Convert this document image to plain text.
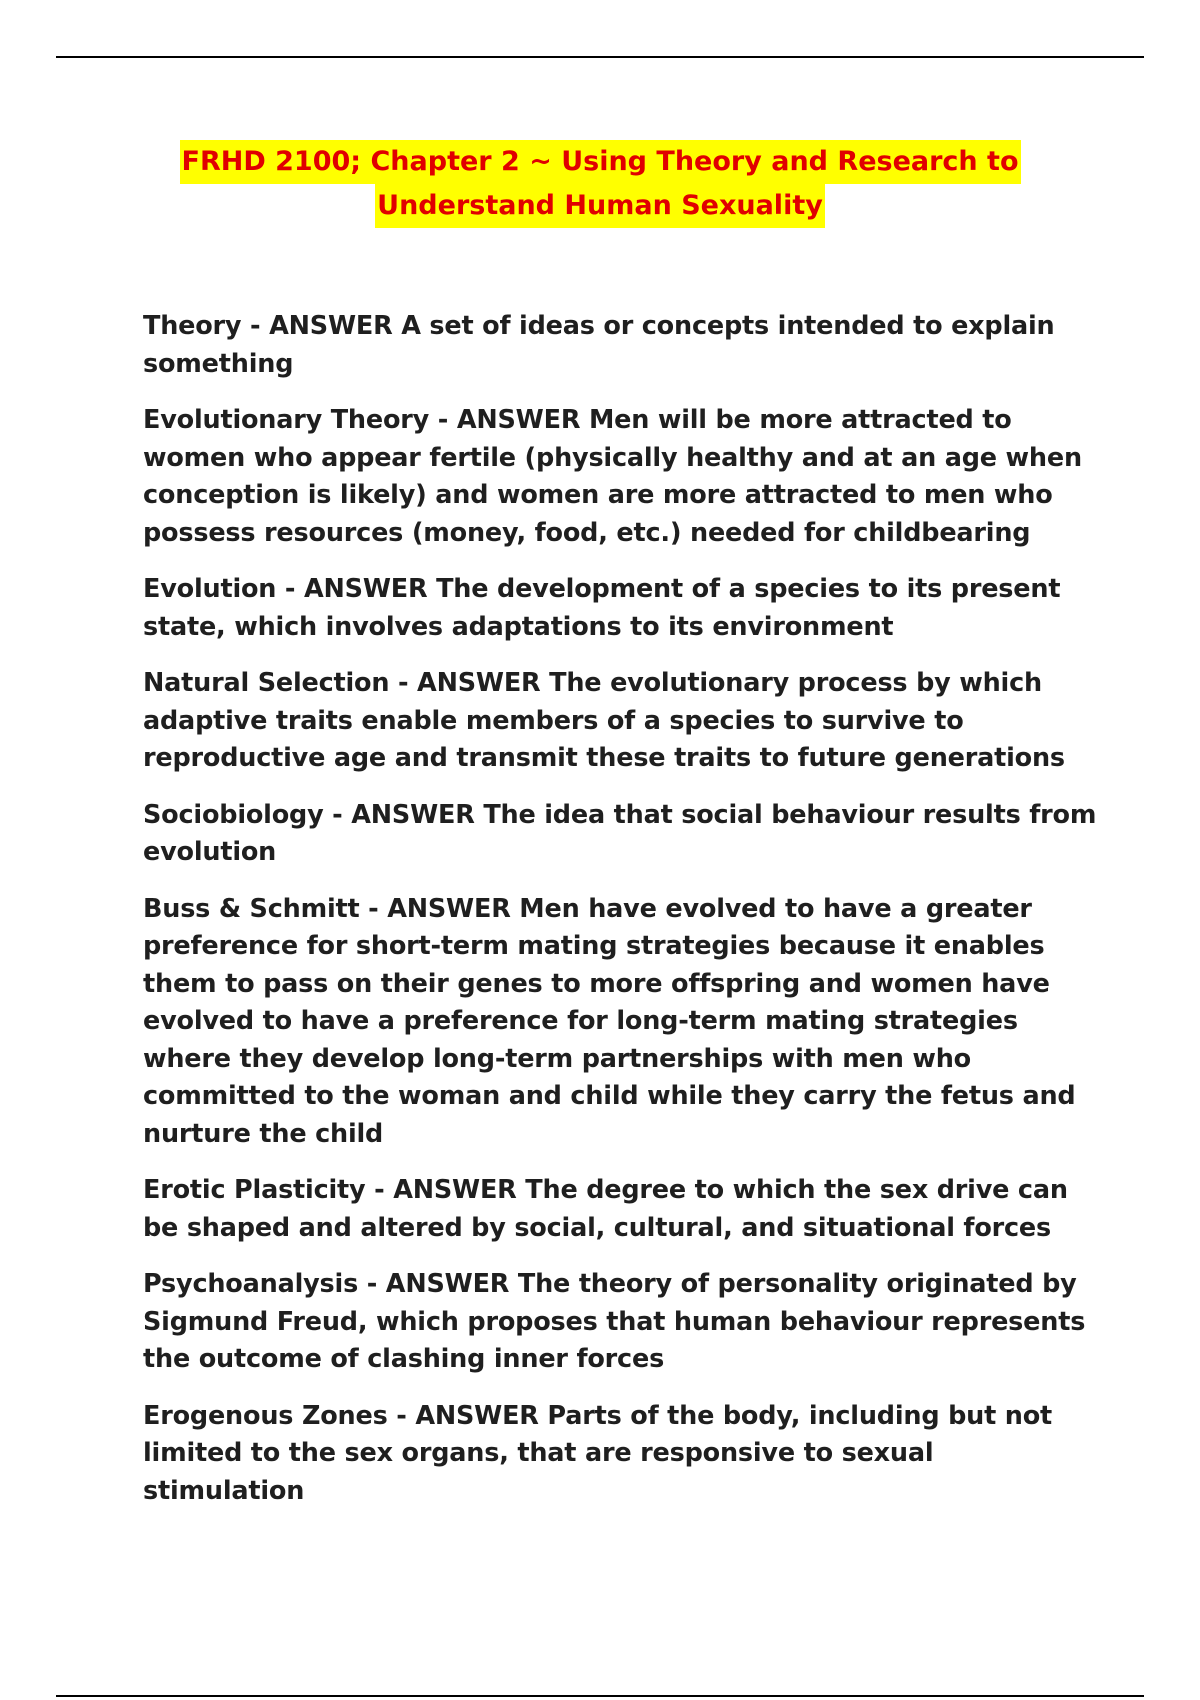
FRHD 2100; Chapter 2 ~ Using Theory and Research to
Understand Human Sexuality

Theory - ANSWER A set of ideas or concepts intended to explain something

Evolutionary Theory - ANSWER Men will be more attracted to women who appear fertile (physically healthy and at an age when conception is likely) and women are more attracted to men who possess resources (money, food, etc.) needed for childbearing

Evolution - ANSWER The development of a species to its present state, which involves adaptations to its environment

Natural Selection - ANSWER The evolutionary process by which adaptive traits enable members of a species to survive to reproductive age and transmit these traits to future generations

Sociobiology - ANSWER The idea that social behaviour results from evolution

Buss & Schmitt - ANSWER Men have evolved to have a greater preference for short-term mating strategies because it enables them to pass on their genes to more offspring and women have evolved to have a preference for long-term mating strategies where they develop long-term partnerships with men who committed to the woman and child while they carry the fetus and nurture the child

Erotic Plasticity - ANSWER The degree to which the sex drive can be shaped and altered by social, cultural, and situational forces

Psychoanalysis - ANSWER The theory of personality originated by Sigmund Freud, which proposes that human behaviour represents the outcome of clashing inner forces

Erogenous Zones - ANSWER Parts of the body, including but not limited to the sex organs, that are responsive to sexual stimulation
